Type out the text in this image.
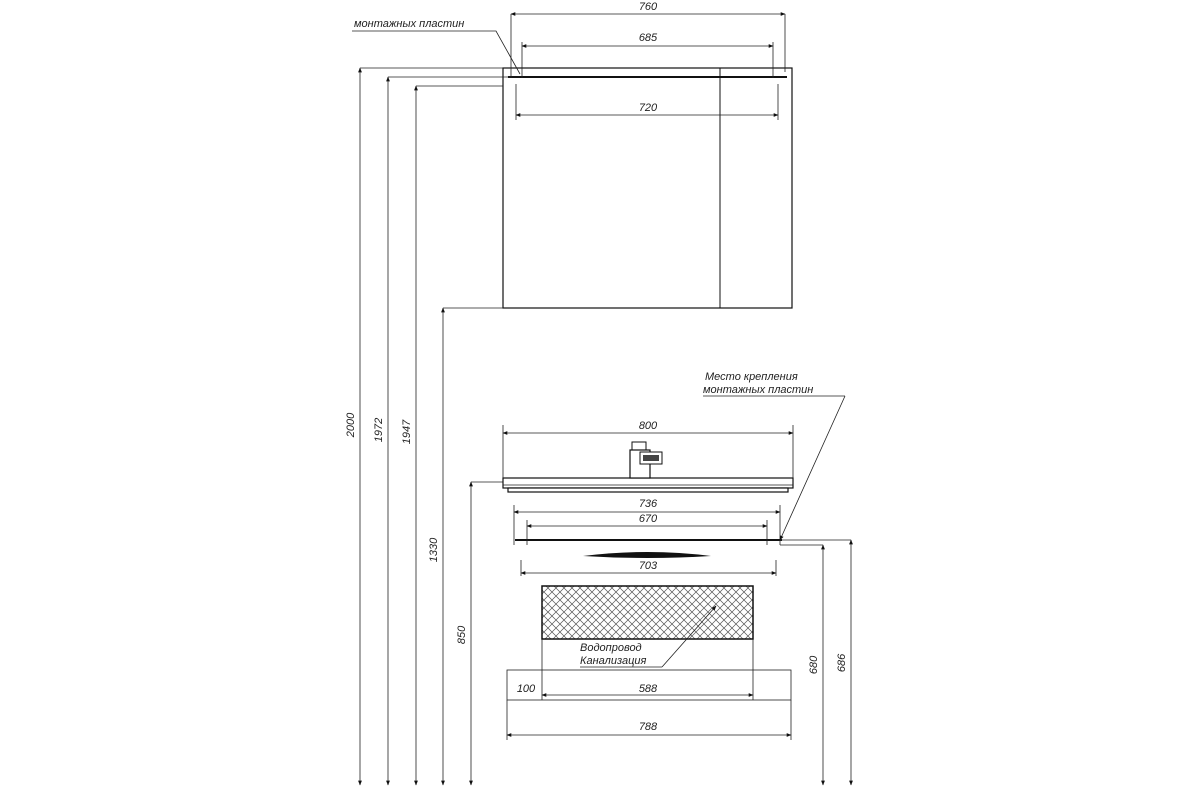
760
685
720
монтажных пластин
2000 1972 1947
1330
850
800
736
670
703
Водопровод
Канализация
100	588
788
680 686
Место крепления
монтажных пластин
